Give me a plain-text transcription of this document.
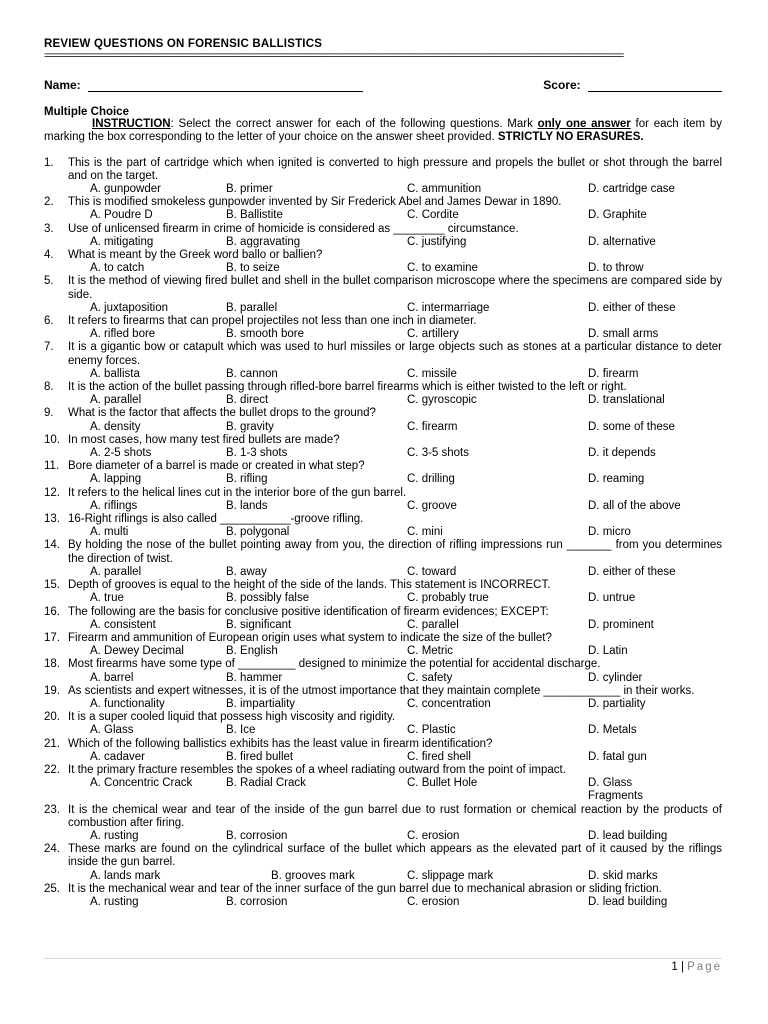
REVIEW QUESTIONS ON FORENSIC BALLISTICS
=================================================================================================================
Name:	Score:
Multiple Choice
INSTRUCTION: Select the correct answer for each of the following questions. Mark only one answer for each item by marking the box corresponding to the letter of your choice on the answer sheet provided. STRICTLY NO ERASURES.
1.	This is the part of cartridge which when ignited is converted to high pressure and propels the bullet or shot through the barrel and on the target.
A. gunpowder	B. primer	C. ammunition	D. cartridge case
2.	This is modified smokeless gunpowder invented by Sir Frederick Abel and James Dewar in 1890.
A. Poudre D	B. Ballistite	C. Cordite	D. Graphite
3.	Use of unlicensed firearm in crime of homicide is considered as ________ circumstance.
A. mitigating	B. aggravating	C. justifying	D. alternative
4.	What is meant by the Greek word ballo or ballien?
A. to catch	B. to seize	C. to examine	D. to throw
5.	It is the method of viewing fired bullet and shell in the bullet comparison microscope where the specimens are compared side by side.
A. juxtaposition	B. parallel	C. intermarriage	D. either of these
6.	It refers to firearms that can propel projectiles not less than one inch in diameter.
A. rifled bore	B. smooth bore	C. artillery	D. small arms
7.	It is a gigantic bow or catapult which was used to hurl missiles or large objects such as stones at a particular distance to deter enemy forces.
A. ballista	B. cannon	C. missile	D. firearm
8.	It is the action of the bullet passing through rifled-bore barrel firearms which is either twisted to the left or right.
A. parallel	B. direct	C. gyroscopic	D. translational
9.	What is the factor that affects the bullet drops to the ground?
A. density	B. gravity	C. firearm	D. some of these
10. In most cases, how many test fired bullets are made?
A. 2-5 shots	B. 1-3 shots	C. 3-5 shots	D. it depends
11. Bore diameter of a barrel is made or created in what step?
A. lapping	B. rifling	C. drilling	D. reaming
12. It refers to the helical lines cut in the interior bore of the gun barrel.
A. riflings	B. lands	C. groove	D. all of the above
13. 16-Right riflings is also called ___________-groove rifling.
A. multi	B. polygonal	C. mini	D. micro
14. By holding the nose of the bullet pointing away from you, the direction of rifling impressions run _______ from you determines the direction of twist.
A. parallel	B. away	C. toward	D. either of these
15. Depth of grooves is equal to the height of the side of the lands. This statement is INCORRECT.
A. true	B. possibly false	C. probably true	D. untrue
16. The following are the basis for conclusive positive identification of firearm evidences; EXCEPT:
A. consistent	B. significant	C. parallel	D. prominent
17. Firearm and ammunition of European origin uses what system to indicate the size of the bullet?
A. Dewey Decimal	B. English	C. Metric	D. Latin
18. Most firearms have some type of _________ designed to minimize the potential for accidental discharge.
A. barrel	B. hammer	C. safety	D. cylinder
19. As scientists and expert witnesses, it is of the utmost importance that they maintain complete ____________ in their works.
A. functionality	B. impartiality	C. concentration	D. partiality
20. It is a super cooled liquid that possess high viscosity and rigidity.
A. Glass	B. Ice	C. Plastic	D. Metals
21. Which of the following ballistics exhibits has the least value in firearm identification?
A. cadaver	B. fired bullet	C. fired shell	D. fatal gun
22. It the primary fracture resembles the spokes of a wheel radiating outward from the point of impact.
A. Concentric Crack	B. Radial Crack	C. Bullet Hole	D. Glass Fragments
23. It is the chemical wear and tear of the inside of the gun barrel due to rust formation or chemical reaction by the products of combustion after firing.
A. rusting	B. corrosion	C. erosion	D. lead building
24. These marks are found on the cylindrical surface of the bullet which appears as the elevated part of it caused by the riflings inside the gun barrel.
A. lands mark	B. grooves mark	C. slippage mark	D. skid marks
25. It is the mechanical wear and tear of the inner surface of the gun barrel due to mechanical abrasion or sliding friction.
A. rusting	B. corrosion	C. erosion	D. lead building
1 | Page
